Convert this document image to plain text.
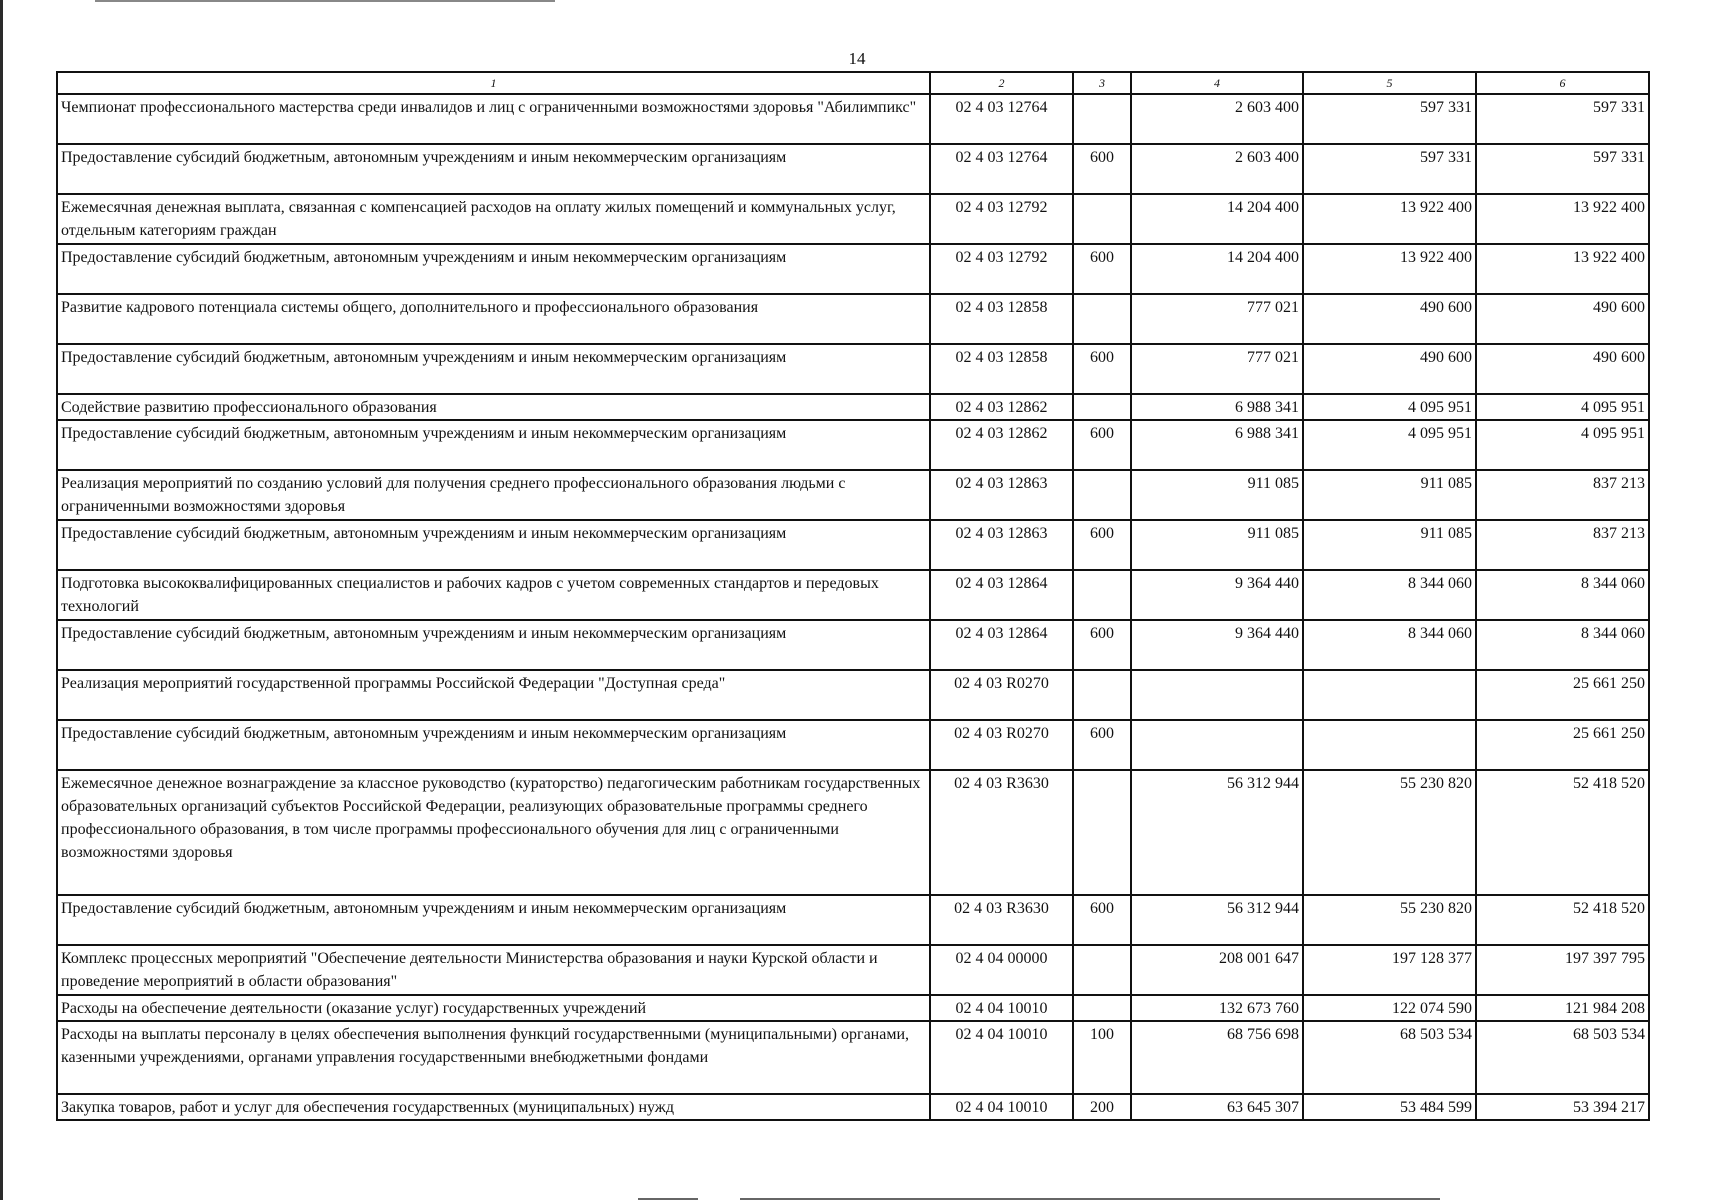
14
1	2	3	4	5	6
Чемпионат профессионального мастерства среди инвалидов и лиц с ограниченными возможностями здоровья "Абилимпикс"	02 4 03 12764		2 603 400	597 331	597 331
Предоставление субсидий бюджетным, автономным учреждениям и иным некоммерческим организациям	02 4 03 12764	600	2 603 400	597 331	597 331
Ежемесячная денежная выплата, связанная с компенсацией расходов на оплату жилых помещений и коммунальных услуг, отдельным категориям граждан	02 4 03 12792		14 204 400	13 922 400	13 922 400
Предоставление субсидий бюджетным, автономным учреждениям и иным некоммерческим организациям	02 4 03 12792	600	14 204 400	13 922 400	13 922 400
Развитие кадрового потенциала системы общего, дополнительного и профессионального образования	02 4 03 12858		777 021	490 600	490 600
Предоставление субсидий бюджетным, автономным учреждениям и иным некоммерческим организациям	02 4 03 12858	600	777 021	490 600	490 600
Содействие развитию профессионального образования	02 4 03 12862		6 988 341	4 095 951	4 095 951
Предоставление субсидий бюджетным, автономным учреждениям и иным некоммерческим организациям	02 4 03 12862	600	6 988 341	4 095 951	4 095 951
Реализация мероприятий по созданию условий для получения среднего профессионального образования людьми с ограниченными возможностями здоровья	02 4 03 12863		911 085	911 085	837 213
Предоставление субсидий бюджетным, автономным учреждениям и иным некоммерческим организациям	02 4 03 12863	600	911 085	911 085	837 213
Подготовка высококвалифицированных специалистов и рабочих кадров с учетом современных стандартов и передовых технологий	02 4 03 12864		9 364 440	8 344 060	8 344 060
Предоставление субсидий бюджетным, автономным учреждениям и иным некоммерческим организациям	02 4 03 12864	600	9 364 440	8 344 060	8 344 060
Реализация мероприятий государственной программы Российской Федерации "Доступная среда"	02 4 03 R0270				25 661 250
Предоставление субсидий бюджетным, автономным учреждениям и иным некоммерческим организациям	02 4 03 R0270	600			25 661 250
Ежемесячное денежное вознаграждение за классное руководство (кураторство) педагогическим работникам государственных образовательных организаций субъектов Российской Федерации, реализующих образовательные программы среднего профессионального образования, в том числе программы профессионального обучения для лиц с ограниченными возможностями здоровья	02 4 03 R3630		56 312 944	55 230 820	52 418 520
Предоставление субсидий бюджетным, автономным учреждениям и иным некоммерческим организациям	02 4 03 R3630	600	56 312 944	55 230 820	52 418 520
Комплекс процессных мероприятий "Обеспечение деятельности Министерства образования и науки Курской области и проведение мероприятий в области образования"	02 4 04 00000		208 001 647	197 128 377	197 397 795
Расходы на обеспечение деятельности (оказание услуг) государственных учреждений	02 4 04 10010		132 673 760	122 074 590	121 984 208
Расходы на выплаты персоналу в целях обеспечения выполнения функций государственными (муниципальными) органами, казенными учреждениями, органами управления государственными внебюджетными фондами	02 4 04 10010	100	68 756 698	68 503 534	68 503 534
Закупка товаров, работ и услуг для обеспечения государственных (муниципальных) нужд	02 4 04 10010	200	63 645 307	53 484 599	53 394 217
